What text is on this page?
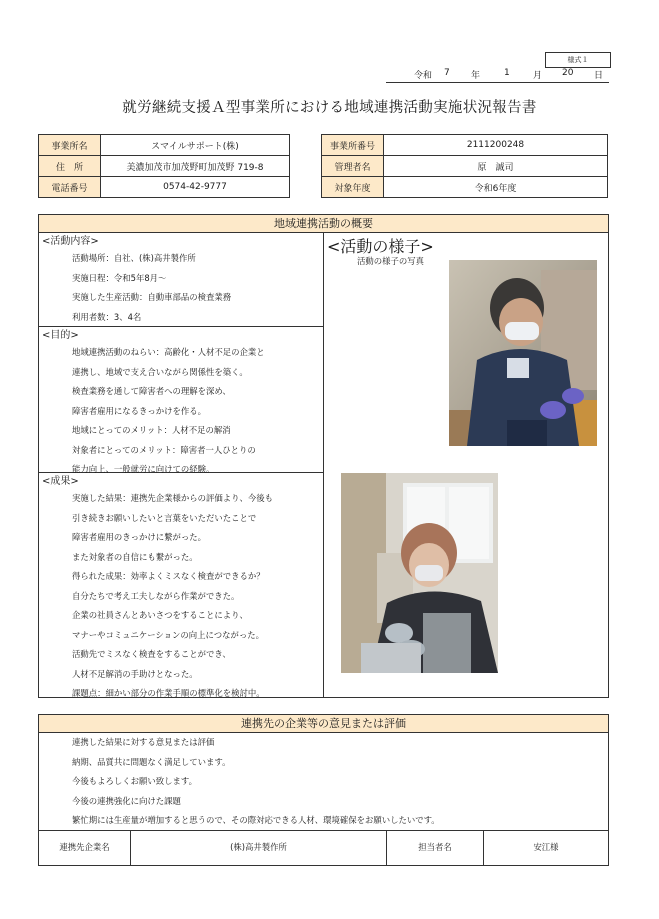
様式１
令和 7 年	1	月 20 日
就労継続支援Ａ型事業所における地域連携活動実施状況報告書
事業所名	スマイルサポート(株)
住　所	美濃加茂市加茂野町加茂野 719-8
電話番号	0574-42-9777
事業所番号	2111200248
管理者名	原　誠司
対象年度	令和6年度
地域連携活動の概要
<活動内容>
活動場所：自社、(株)高井製作所
実施日程：令和5年8月～
実施した生産活動：自動車部品の検査業務
利用者数：3、4名
<目的>
地域連携活動のねらい：高齢化・人材不足の企業と
連携し、地域で支え合いながら関係性を築く。
検査業務を通して障害者への理解を深め、
障害者雇用になるきっかけを作る。
地域にとってのメリット：人材不足の解消
対象者にとってのメリット：障害者一人ひとりの
能力向上、一般就労に向けての経験。
<成果>
実施した結果：連携先企業様からの評価より、今後も
引き続きお願いしたいと言葉をいただいたことで
障害者雇用のきっかけに繋がった。
また対象者の自信にも繋がった。
得られた成果：効率よくミスなく検査ができるか？
自分たちで考え工夫しながら作業ができた。
企業の社員さんとあいさつをすることにより、
マナーやコミュニケーションの向上につながった。
活動先でミスなく検査をすることができ、
人材不足解消の手助けとなった。
課題点：細かい部分の作業手順の標準化を検討中。
<活動の様子>
活動の様子の写真
連携先の企業等の意見または評価
連携した結果に対する意見または評価
納期、品質共に問題なく満足しています。
今後もよろしくお願い致します。
今後の連携強化に向けた課題
繁忙期には生産量が増加すると思うので、その際対応できる人材、環境確保をお願いしたいです。
連携先企業名	(株)高井製作所	担当者名	安江様
